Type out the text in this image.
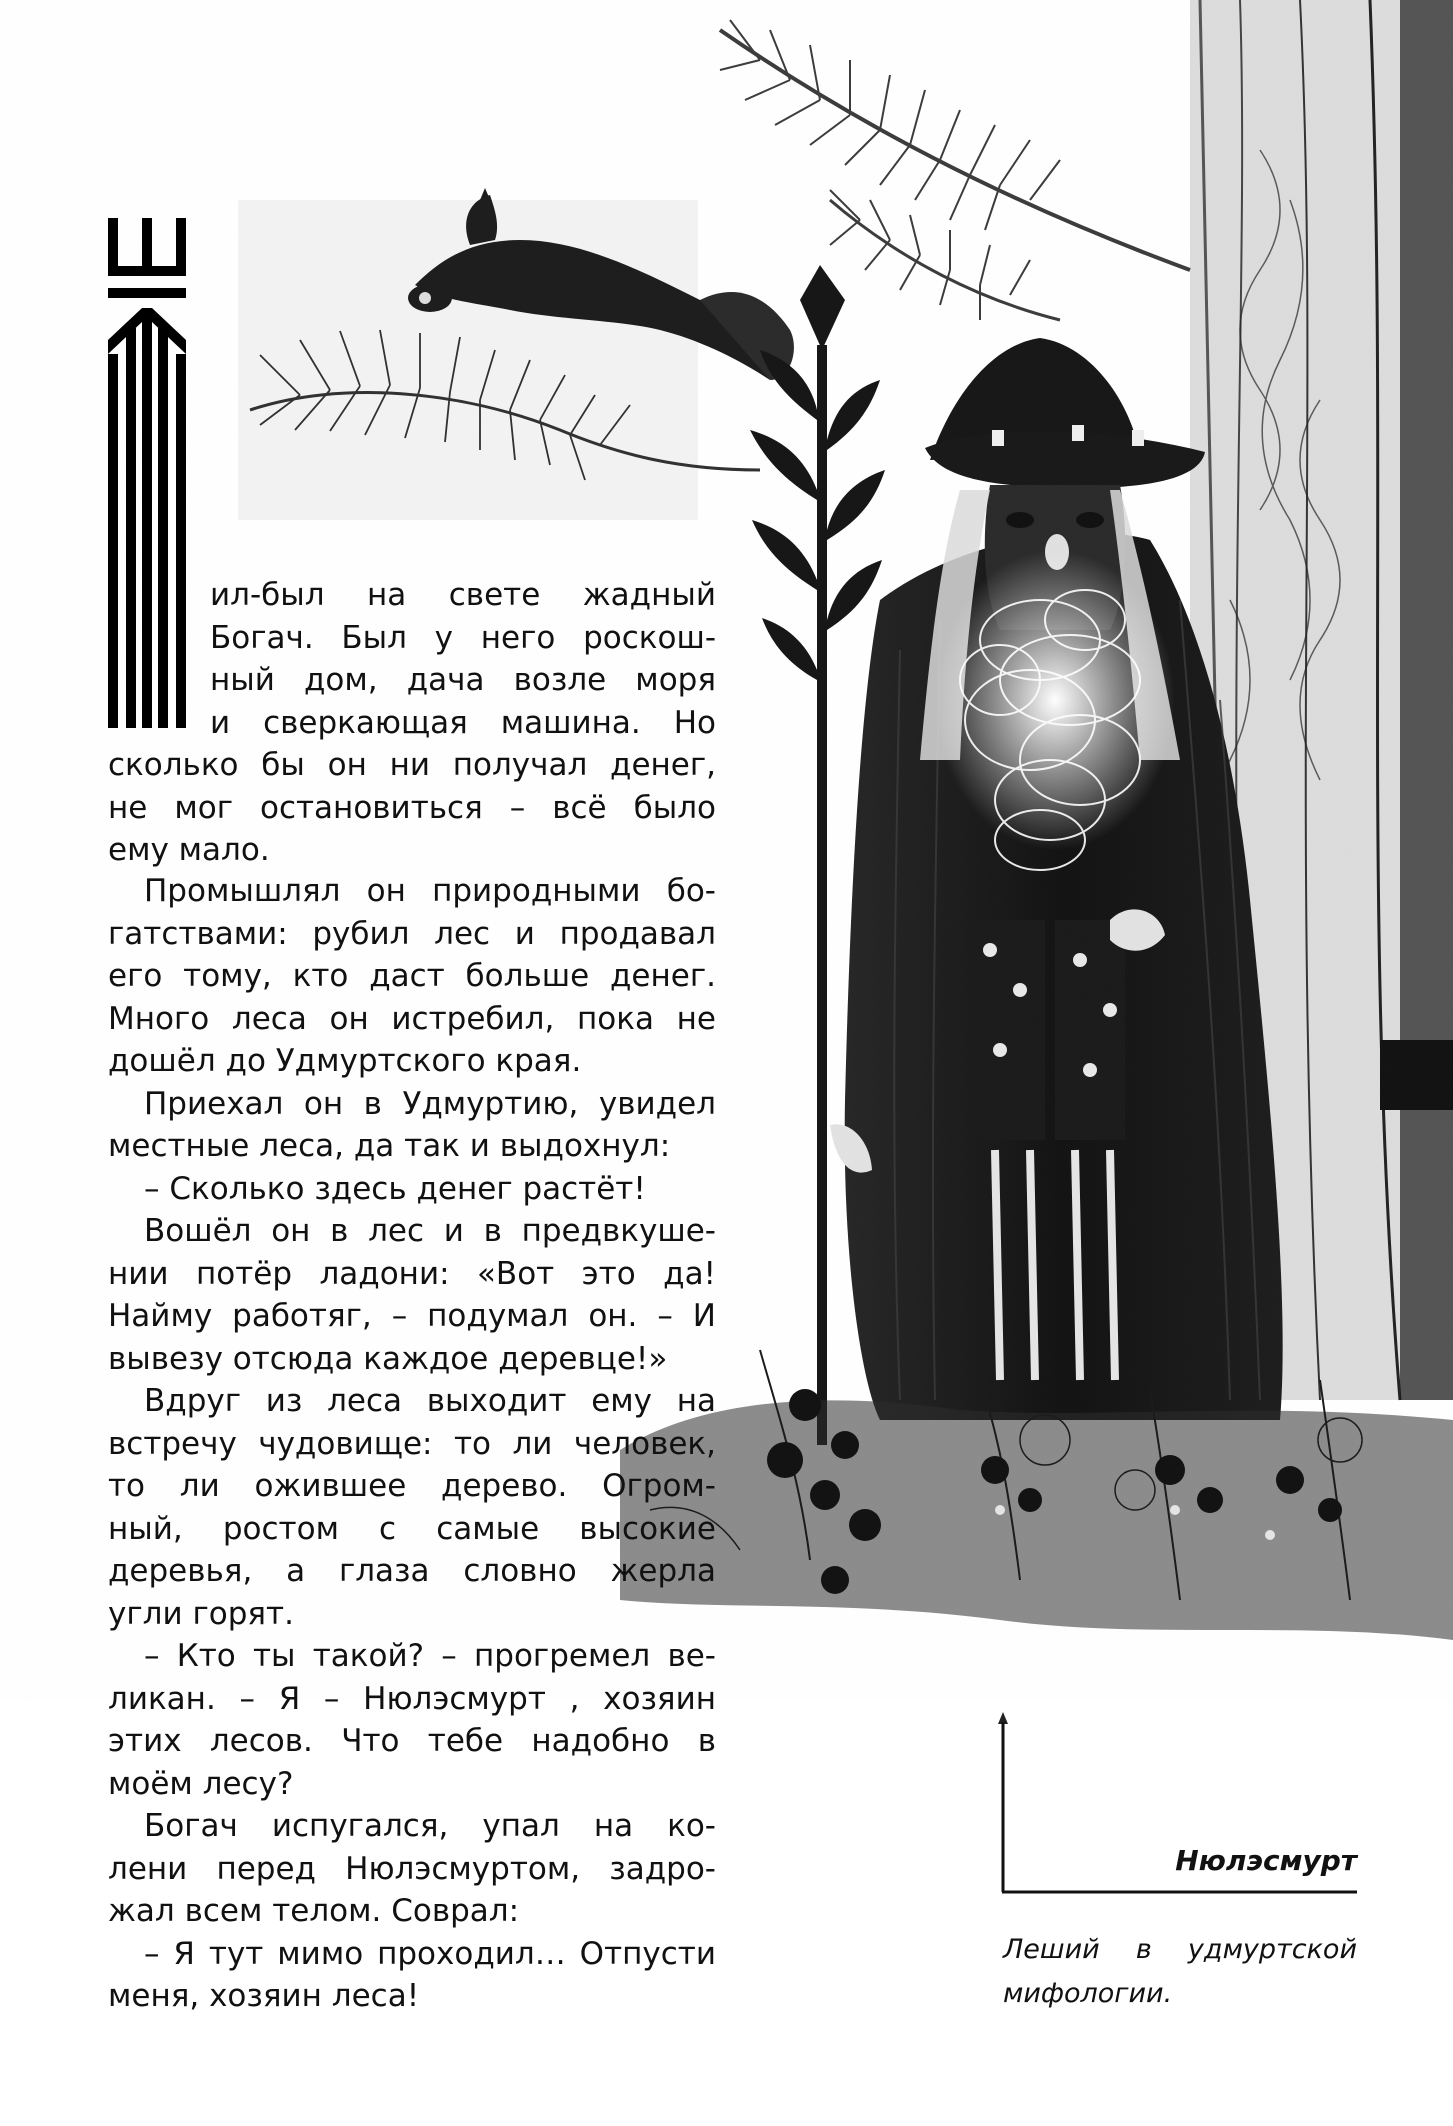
ил-был на свете жадный
Богач. Был у него роскош-
ный дом, дача возле моря
и сверкающая машина. Но
сколько бы он ни получал денег,
не мог остановиться – всё было
ему мало.
Промышлял он природными бо-
гатствами: рубил лес и продавал
его тому, кто даст больше денег.
Много леса он истребил, пока не
дошёл до Удмуртского края.
Приехал он в Удмуртию, увидел
местные леса, да так и выдохнул:
– Сколько здесь денег растёт!
Вошёл он в лес и в предвкуше-
нии потёр ладони: «Вот это да!
Найму работяг, – подумал он. – И
вывезу отсюда каждое деревце!»
Вдруг из леса выходит ему на
встречу чудовище: то ли человек,
то ли ожившее дерево. Огром-
ный, ростом с самые высокие
деревья, а глаза словно жерла
угли горят.
– Кто ты такой? – прогремел ве-
ликан. – Я – Нюлэсмурт , хозяин
этих лесов. Что тебе надобно в
моём лесу?
Богач испугался, упал на ко-
лени перед Нюлэсмуртом, задро-
жал всем телом. Соврал:
– Я тут мимо проходил… Отпусти
меня, хозяин леса!
Нюлэсмурт
Леший в удмуртской
мифологии.
